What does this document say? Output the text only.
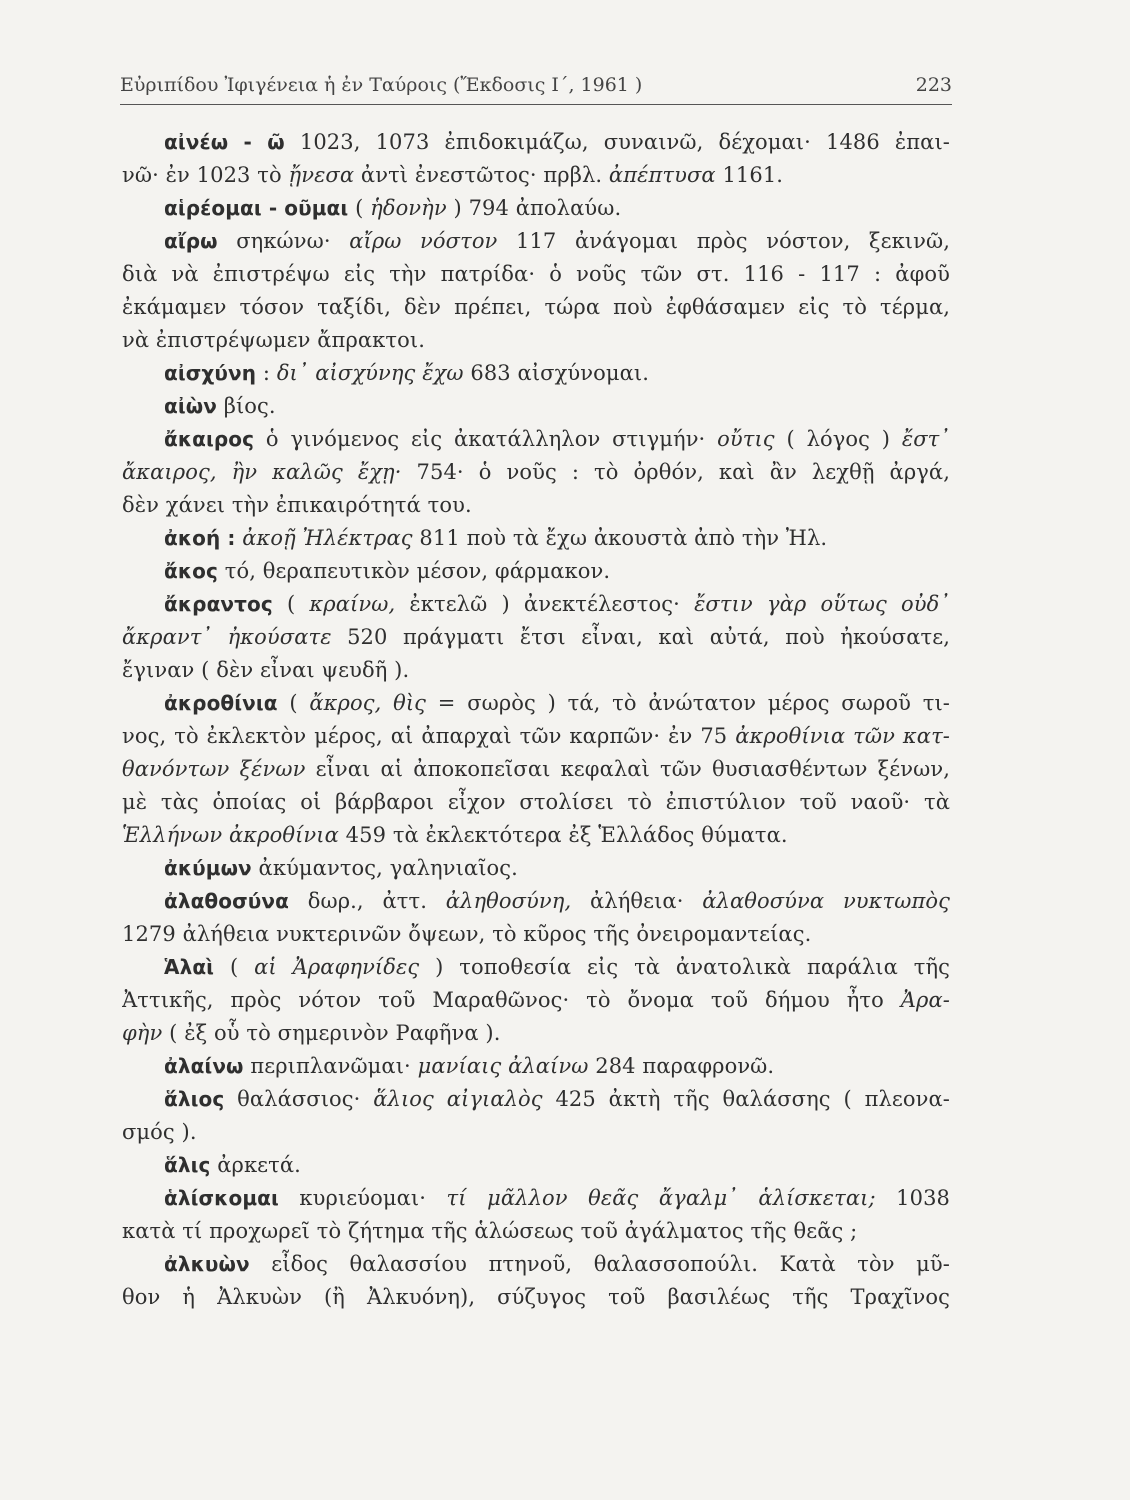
Εὐριπίδου Ἰφιγένεια ἡ ἐν Ταύροις (Ἔκδοσις Ι΄, 1961 )	223
αἰνέω - ῶ 1023, 1073 ἐπιδοκιμάζω, συναινῶ, δέχομαι· 1486 ἐπαι-
νῶ· ἐν 1023 τὸ ᾔνεσα ἀντὶ ἐνεστῶτος· πρβλ. ἀπέπτυσα 1161.
αἱρέομαι - οῦμαι ( ἡδονὴν ) 794 ἀπολαύω.
αἴρω σηκώνω· αἴρω νόστον 117 ἀνάγομαι πρὸς νόστον, ξεκινῶ,
διὰ νὰ ἐπιστρέψω εἰς τὴν πατρίδα· ὁ νοῦς τῶν στ. 116 - 117 : ἀφοῦ
ἐκάμαμεν τόσον ταξίδι, δὲν πρέπει, τώρα ποὺ ἐφθάσαμεν εἰς τὸ τέρμα,
νὰ ἐπιστρέψωμεν ἄπρακτοι.
αἰσχύνη : δι᾽ αἰσχύνης ἔχω 683 αἰσχύνομαι.
αἰὼν βίος.
ἄκαιρος ὁ γινόμενος εἰς ἀκατάλληλον στιγμήν· οὔτις ( λόγος ) ἔστ᾽
ἄκαιρος, ἢν καλῶς ἔχῃ· 754· ὁ νοῦς : τὸ ὀρθόν, καὶ ἂν λεχθῇ ἀργά,
δὲν χάνει τὴν ἐπικαιρότητά του.
ἀκοή : ἀκοῇ Ἠλέκτρας 811 ποὺ τὰ ἔχω ἀκουστὰ ἀπὸ τὴν Ἠλ.
ἄκος τό, θεραπευτικὸν μέσον, φάρμακον.
ἄκραντος ( κραίνω, ἐκτελῶ ) ἀνεκτέλεστος· ἔστιν γὰρ οὕτως οὐδ᾽
ἄκραντ᾽ ἠκούσατε 520 πράγματι ἔτσι εἶναι, καὶ αὐτά, ποὺ ἠκούσατε,
ἔγιναν ( δὲν εἶναι ψευδῆ ).
ἀκροθίνια ( ἄκρος, θὶς = σωρὸς ) τά, τὸ ἀνώτατον μέρος σωροῦ τι-
νος, τὸ ἐκλεκτὸν μέρος, αἱ ἀπαρχαὶ τῶν καρπῶν· ἐν 75 ἀκροθίνια τῶν κατ-
θανόντων ξένων εἶναι αἱ ἀποκοπεῖσαι κεφαλαὶ τῶν θυσιασθέντων ξένων,
μὲ τὰς ὁποίας οἱ βάρβαροι εἶχον στολίσει τὸ ἐπιστύλιον τοῦ ναοῦ· τὰ
Ἑλλήνων ἀκροθίνια 459 τὰ ἐκλεκτότερα ἐξ Ἑλλάδος θύματα.
ἀκύμων ἀκύμαντος, γαληνιαῖος.
ἀλαθοσύνα δωρ., ἀττ. ἀληθοσύνη, ἀλήθεια· ἀλαθοσύνα νυκτωπὸς
1279 ἀλήθεια νυκτερινῶν ὄψεων, τὸ κῦρος τῆς ὀνειρομαντείας.
Ἁλαὶ ( αἱ Ἀραφηνίδες ) τοποθεσία εἰς τὰ ἀνατολικὰ παράλια τῆς
Ἀττικῆς, πρὸς νότον τοῦ Μαραθῶνος· τὸ ὄνομα τοῦ δήμου ἦτο Ἀρα-
φὴν ( ἐξ οὗ τὸ σημερινὸν Ραφῆνα ).
ἀλαίνω περιπλανῶμαι· μανίαις ἀλαίνω 284 παραφρονῶ.
ἅλιος θαλάσσιος· ἅλιος αἰγιαλὸς 425 ἀκτὴ τῆς θαλάσσης ( πλεονα-
σμός ).
ἅλις ἀρκετά.
ἁλίσκομαι κυριεύομαι· τί μᾶλλον θεᾶς ἄγαλμ᾽ ἁλίσκεται; 1038
κατὰ τί προχωρεῖ τὸ ζήτημα τῆς ἁλώσεως τοῦ ἀγάλματος τῆς θεᾶς ;
ἀλκυὼν εἶδος θαλασσίου πτηνοῦ, θαλασσοπούλι. Κατὰ τὸν μῦ-
θον ἡ Ἀλκυὼν (ἢ Ἀλκυόνη), σύζυγος τοῦ βασιλέως τῆς Τραχῖνος
